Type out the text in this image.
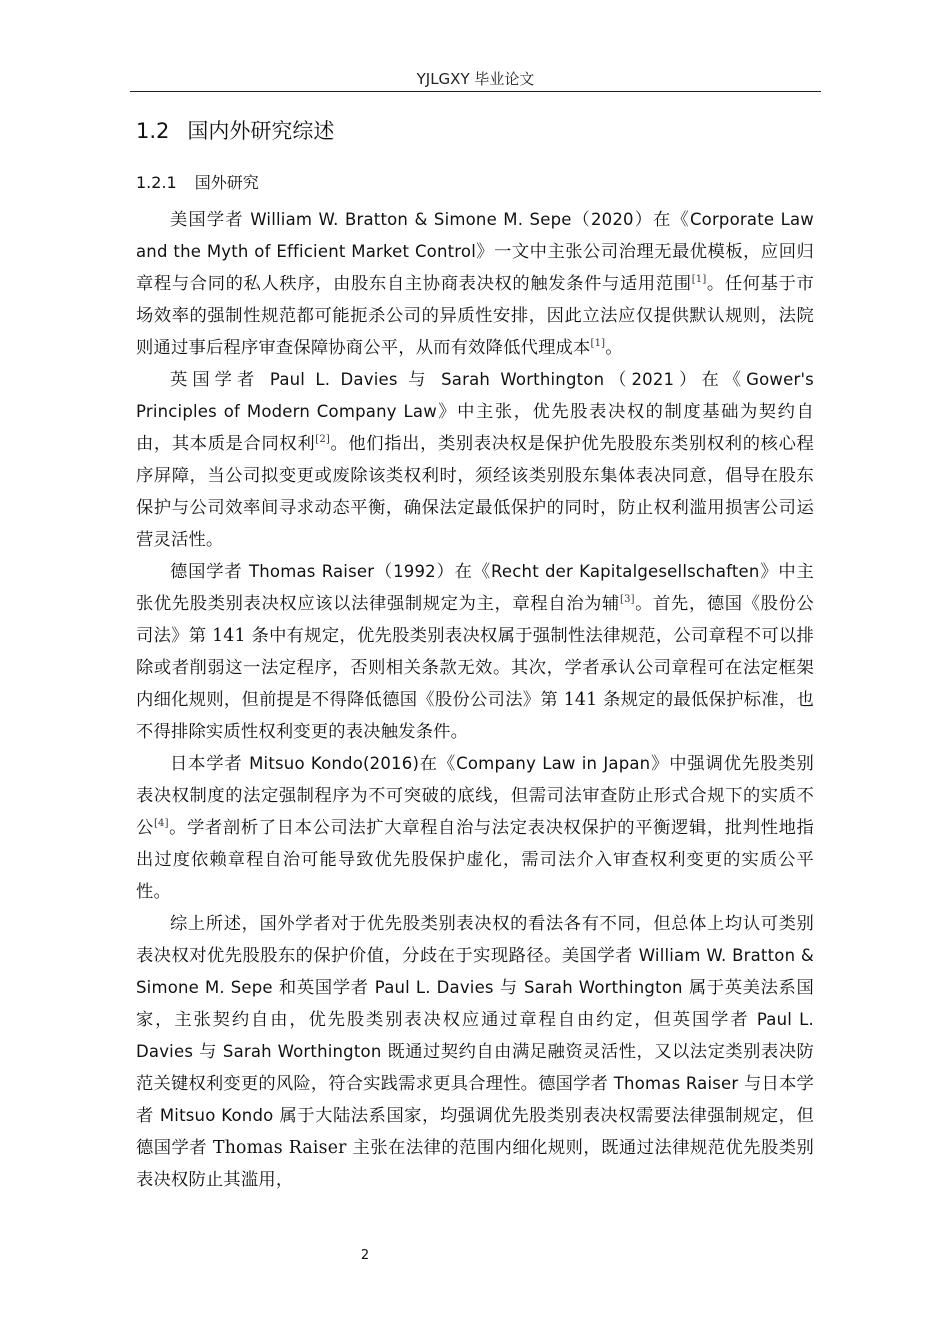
YJLGXY 毕业论文
1.2 国内外研究综述
1.2.1 国外研究

美国学者 William W. Bratton & Simone M. Sepe（2020）在《Corporate Law and the Myth of Efficient Market Control》一文中主张公司治理无最优模板，应回归章程与合同的私人秩序，由股东自主协商表决权的触发条件与适用范围[1]。任何基于市场效率的强制性规范都可能扼杀公司的异质性安排，因此立法应仅提供默认规则，法院则通过事后程序审查保障协商公平，从而有效降低代理成本[1]。

英国学者 Paul L. Davies 与 Sarah Worthington（2021）在《Gower's Principles of Modern Company Law》中主张，优先股表决权的制度基础为契约自由，其本质是合同权利[2]。他们指出，类别表决权是保护优先股股东类别权利的核心程序屏障，当公司拟变更或废除该类权利时，须经该类别股东集体表决同意，倡导在股东保护与公司效率间寻求动态平衡，确保法定最低保护的同时，防止权利滥用损害公司运营灵活性。

德国学者 Thomas Raiser（1992）在《Recht der Kapitalgesellschaften》中主张优先股类别表决权应该以法律强制规定为主，章程自治为辅[3]。首先，德国《股份公司法》第 141 条中有规定，优先股类别表决权属于强制性法律规范，公司章程不可以排除或者削弱这一法定程序，否则相关条款无效。其次，学者承认公司章程可在法定框架内细化规则，但前提是不得降低德国《股份公司法》第 141 条规定的最低保护标准，也不得排除实质性权利变更的表决触发条件。

日本学者 Mitsuo Kondo(2016)在《Company Law in Japan》中强调优先股类别表决权制度的法定强制程序为不可突破的底线，但需司法审查防止形式合规下的实质不公[4]。学者剖析了日本公司法扩大章程自治与法定表决权保护的平衡逻辑，批判性地指出过度依赖章程自治可能导致优先股保护虚化，需司法介入审查权利变更的实质公平性。

综上所述，国外学者对于优先股类别表决权的看法各有不同，但总体上均认可类别表决权对优先股股东的保护价值，分歧在于实现路径。美国学者 William W. Bratton & Simone M. Sepe 和英国学者 Paul L. Davies 与 Sarah Worthington 属于英美法系国家，主张契约自由，优先股类别表决权应通过章程自由约定，但英国学者 Paul L. Davies 与 Sarah Worthington 既通过契约自由满足融资灵活性，又以法定类别表决防范关键权利变更的风险，符合实践需求更具合理性。德国学者 Thomas Raiser 与日本学者 Mitsuo Kondo 属于大陆法系国家，均强调优先股类别表决权需要法律强制规定，但德国学者 Thomas Raiser 主张在法律的范围内细化规则，既通过法律规范优先股类别表决权防止其滥用，

2
